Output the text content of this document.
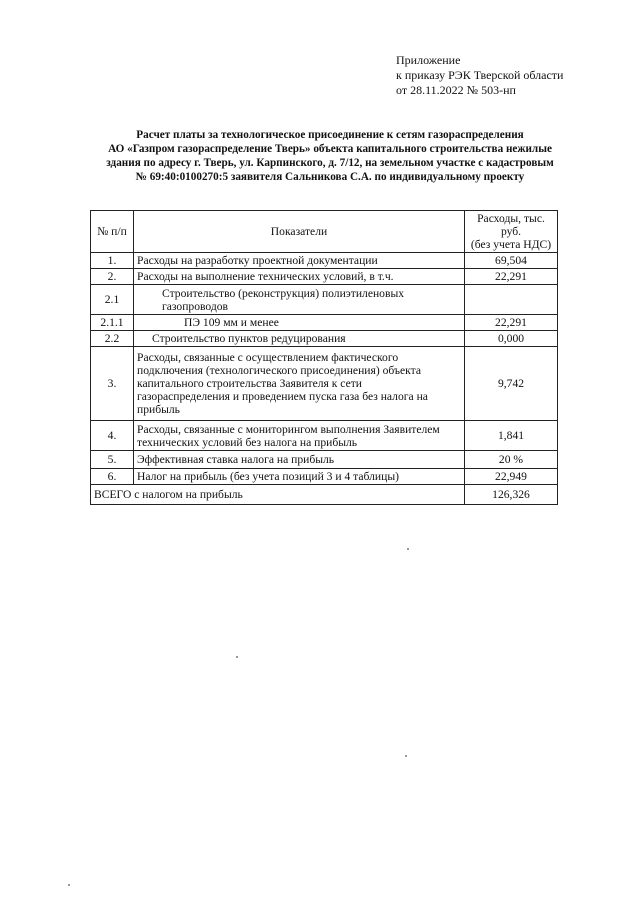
Приложение
к приказу РЭК Тверской области
от 28.11.2022 № 503-нп
Расчет платы за технологическое присоединение к сетям газораспределения
АО «Газпром газораспределение Тверь» объекта капитального строительства нежилые
здания по адресу г. Тверь, ул. Карпинского, д. 7/12, на земельном участке с кадастровым
№ 69:40:0100270:5 заявителя Сальникова С.А. по индивидуальному проекту
№ п/п	Показатели	Расходы, тыс. руб.
(без учета НДС)

1.	Расходы на разработку проектной документации	69,504
2.	Расходы на выполнение технических условий, в т.ч.	22,291
2.1	Строительство (реконструкция) полиэтиленовых газопроводов	
2.1.1	ПЭ 109 мм и менее	22,291
2.2	Строительство пунктов редуцирования	0,000
3.	Расходы, связанные с осуществлением фактического подключения (технологического присоединения) объекта капитального строительства Заявителя к сети газораспределения и проведением пуска газа без налога на прибыль	9,742
4.	Расходы, связанные с мониторингом выполнения Заявителем технических условий без налога на прибыль	1,841
5.	Эффективная ставка налога на прибыль	20 %
6.	Налог на прибыль (без учета позиций 3 и 4 таблицы)	22,949
ВСЕГО с налогом на прибыль		126,326
